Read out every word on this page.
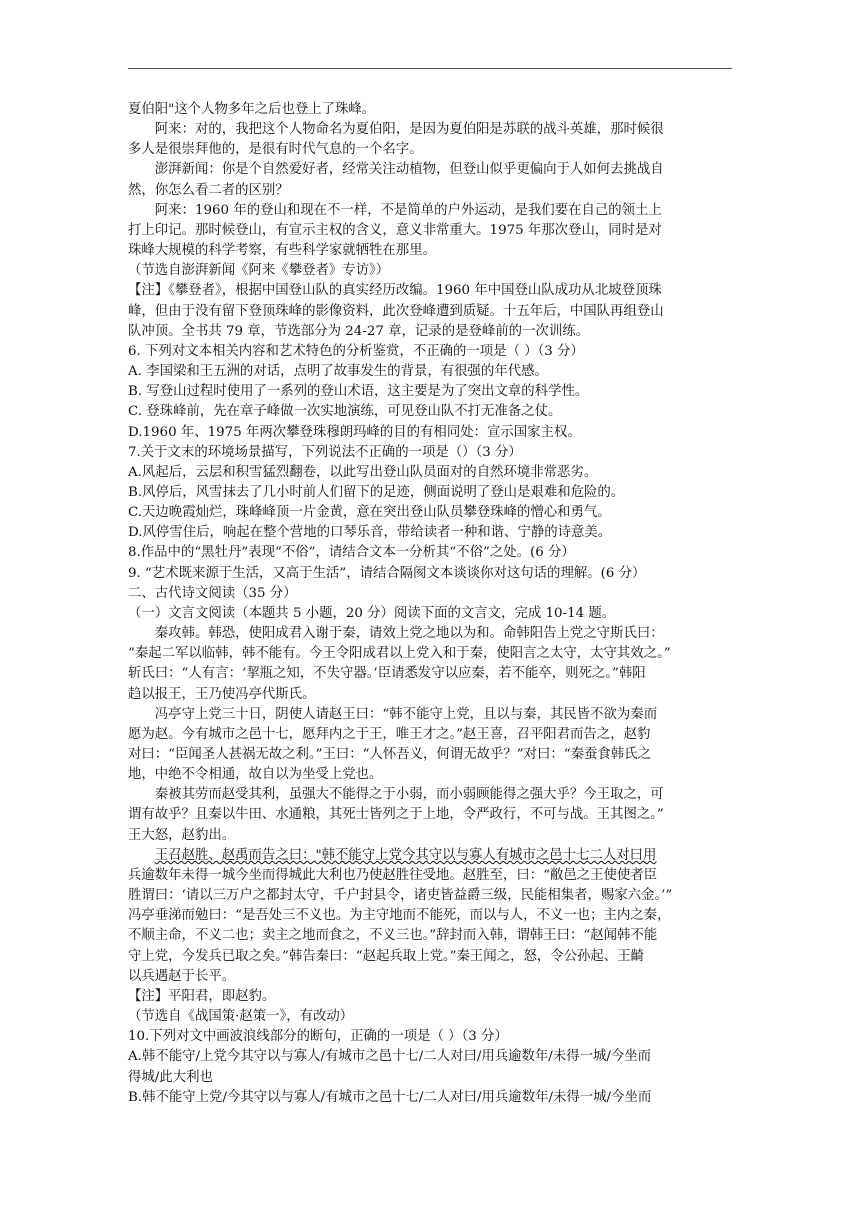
夏伯阳"这个人物多年之后也登上了珠峰。

阿来：对的，我把这个人物命名为夏伯阳，是因为夏伯阳是苏联的战斗英雄，那时候很

多人是很崇拜他的，是很有时代气息的一个名字。

澎湃新闻：你是个自然爱好者，经常关注动植物，但登山似乎更偏向于人如何去挑战自

然，你怎么看二者的区别？

阿来：1960 年的登山和现在不一样，不是简单的户外运动，是我们要在自己的领土上

打上印记。那时候登山，有宣示主权的含义，意义非常重大。1975 年那次登山，同时是对

珠峰大规模的科学考察，有些科学家就牺牲在那里。

（节选自澎湃新闻《阿来《攀登者》专访》）

【注】《攀登者》，根据中国登山队的真实经历改编。1960 年中国登山队成功从北坡登顶珠

峰，但由于没有留下登顶珠峰的影像资料，此次登峰遭到质疑。十五年后，中国队再组登山

队冲顶。全书共 79 章，节选部分为 24-27 章，记录的是登峰前的一次训练。

6. 下列对文本相关内容和艺术特色的分析鉴赏，不正确的一项是（ ）（3 分）

A. 李国梁和王五洲的对话，点明了故事发生的背景，有很强的年代感。

B. 写登山过程时使用了一系列的登山术语，这主要是为了突出文章的科学性。

C. 登珠峰前，先在章子峰做一次实地演练，可见登山队不打无准备之仗。

D.1960 年、1975 年两次攀登珠穆朗玛峰的目的有相同处：宣示国家主权。

7.关于文末的环境场景描写，下列说法不正确的一项是（）（3 分）

A.风起后，云层和积雪猛烈翻卷，以此写出登山队员面对的自然环境非常恶劣。

B.风停后，风雪抹去了几小时前人们留下的足迹，侧面说明了登山是艰难和危险的。

C.天边晚霞灿烂，珠峰峰顶一片金黄，意在突出登山队员攀登珠峰的憎心和勇气。

D.风停雪住后，响起在整个营地的口琴乐音，带给读者一种和谐、宁静的诗意美。

8.作品中的“黑牡丹”表现“不俗”，请结合文本一分析其“不俗”之处。(6 分）

9. “艺术既来源于生活，又高于生活”，请结合隔阂文本谈谈你对这句话的理解。(6 分）

二、古代诗文阅读（35 分）

（一）文言文阅读（本题共 5 小题，20 分）阅读下面的文言文，完成 10-14 题。

秦攻韩。韩恐，使阳成君入谢于秦，请效上党之地以为和。命韩阳告上党之守斯氏曰：

“秦起二军以临韩，韩不能有。今王令阳成君以上党入和于秦，使阳言之太守，太守其效之。”

斩氏曰：“人有言：‘挈瓶之知，不失守器。’臣请悉发守以应秦，若不能卒，则死之。”韩阳

趋以报王，王乃使冯亭代斯氏。

冯亭守上党三十日，阴使人请赵王曰：“韩不能守上党，且以与秦，其民皆不欲为秦而

愿为赵。今有城市之邑十七，愿拜内之于王，唯王才之。”赵王喜，召平阳君而告之，赵豹

对曰：“臣闻圣人甚祸无故之利。”王曰：“人怀吾义，何谓无故乎？”对曰：“秦蚕食韩氏之

地，中绝不令相通，故自以为坐受上党也。

秦被其劳而赵受其利，虽强大不能得之于小弱，而小弱顾能得之强大乎？今王取之，可

谓有故乎？且秦以牛田、水通粮，其死士皆列之于上地，令严政行，不可与战。王其图之。”

王大怒，赵豹出。

王召赵胜、赵禹而告之曰："韩不能守上党今其守以与寡人有城市之邑十七二人对曰用

兵逾数年未得一城今坐而得城此大利也乃使赵胜往受地。赵胜至，曰：“敝邑之王使使者臣

胜谓曰：‘请以三万户之都封太守，千户封县令，诸吏皆益爵三级，民能相集者，赐家六金。’”

冯亭垂涕而勉曰：“是吾处三不义也。为主守地而不能死，而以与人，不义一也；主内之秦，

不顺主命，不义二也；卖主之地而食之，不义三也。”辞封而入韩，谓韩王曰：“赵闻韩不能

守上党，今发兵已取之矣。”韩告秦曰：“赵起兵取上党。”秦王闻之，怒，令公孙起、王齮

以兵遇赵于长平。

【注】平阳君，即赵豹。

（节选自《战国策·赵策一》，有改动）

10.下列对文中画波浪线部分的断句，正确的一项是（ ）（3 分）

A.韩不能守/上党今其守以与寡人/有城市之邑十七/二人对曰/用兵逾数年/未得一城/今坐而

得城/此大利也

B.韩不能守上党/今其守以与寡人/有城市之邑十七/二人对曰/用兵逾数年/未得一城/今坐而
